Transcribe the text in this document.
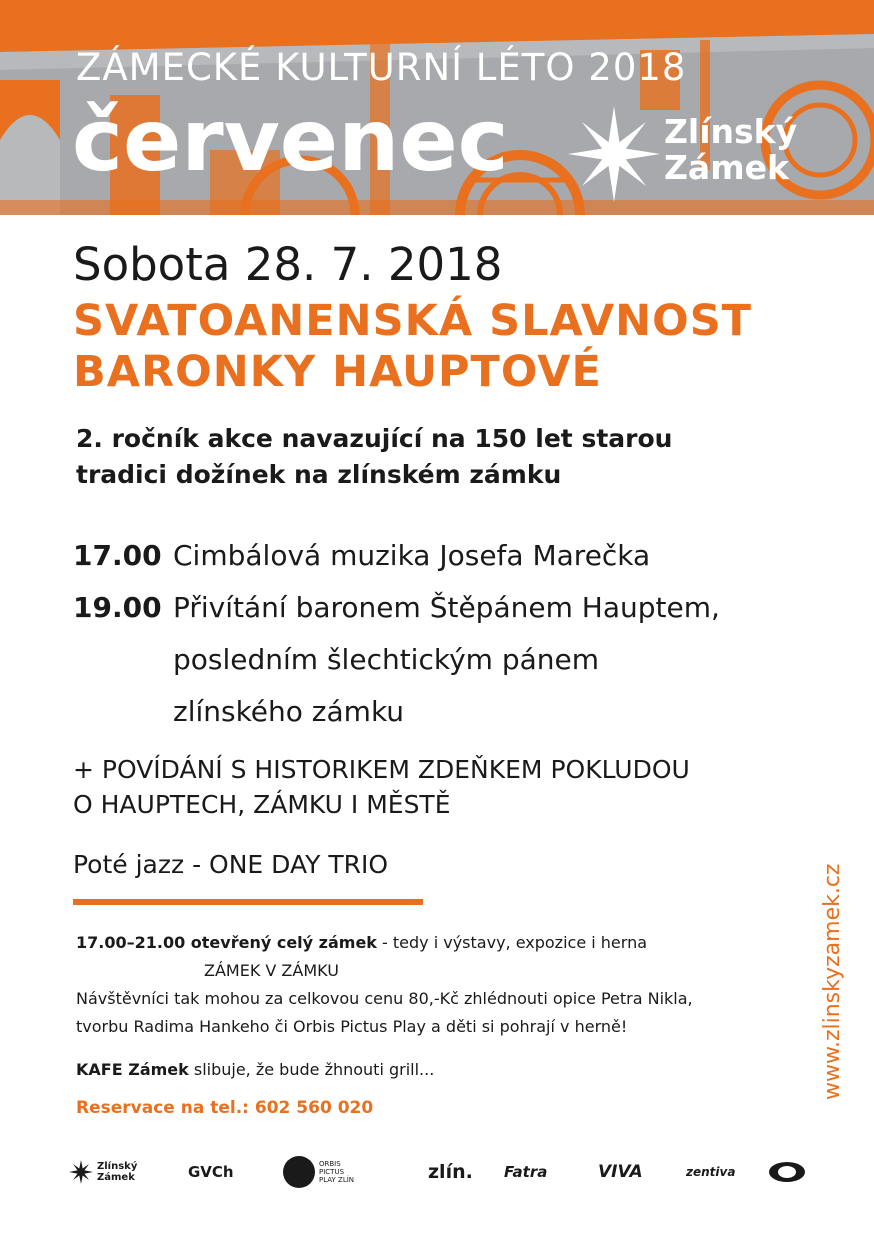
ZÁMECKÉ KULTURNÍ LÉTO 2018
červenec	Zlínský
Zámek
Sobota 28. 7. 2018
SVATOANENSKÁ SLAVNOST
BARONKY HAUPTOVÉ
2. ročník akce navazující na 150 let starou
tradici dožínek na zlínském zámku
17.00 Cimbálová muzika Josefa Marečka
19.00 Přivítání baronem Štěpánem Hauptem,
posledním šlechtickým pánem
zlínského zámku
+ POVÍDÁNÍ S HISTORIKEM ZDEŇKEM POKLUDOU
O HAUPTECH, ZÁMKU I MĚSTĚ
Poté jazz - ONE DAY TRIO
17.00–21.00 otevřený celý zámek - tedy i výstavy, expozice i herna
ZÁMEK V ZÁMKU
Návštěvníci tak mohou za celkovou cenu 80,-Kč zhlédnouti opice Petra Nikla,
tvorbu Radima Hankeho či Orbis Pictus Play a děti si pohrají v herně!
KAFE Zámek slibuje, že bude žhnouti grill...
Reservace na tel.: 602 560 020
www.zlinskyzamek.cz
Zlínský
Zámek	GVCh	ORBIS PICTUS PLAY ZLÍN	zlín. Fatra	VIVA	zentiva
